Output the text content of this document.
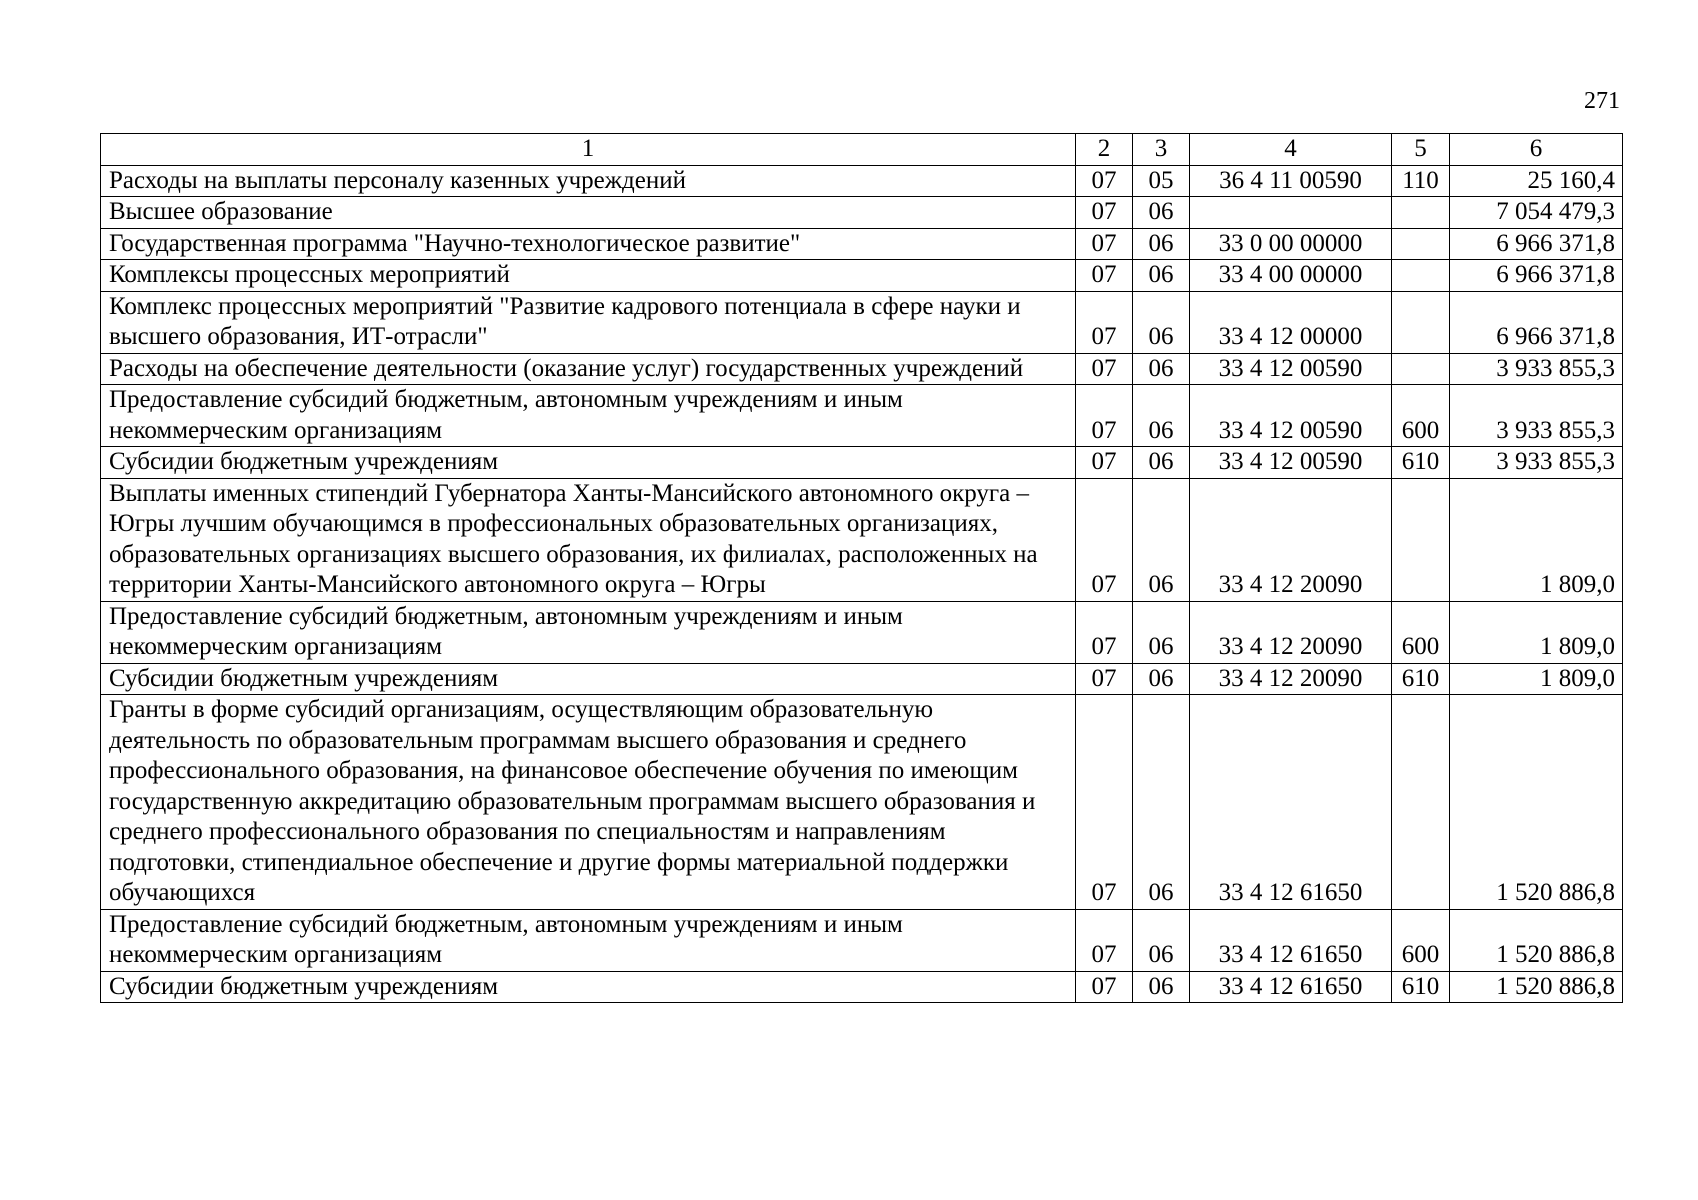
271
1	2	3	4	5	6
Расходы на выплаты персоналу казенных учреждений	07	05	36 4 11 00590	110	25 160,4
Высшее образование	07	06			7 054 479,3
Государственная программа "Научно-технологическое развитие"	07	06	33 0 00 00000		6 966 371,8
Комплексы процессных мероприятий	07	06	33 4 00 00000		6 966 371,8
Комплекс процессных мероприятий "Развитие кадрового потенциала в сфере науки и высшего образования, ИТ-отрасли"	07	06	33 4 12 00000		6 966 371,8
Расходы на обеспечение деятельности (оказание услуг) государственных учреждений	07	06	33 4 12 00590		3 933 855,3
Предоставление субсидий бюджетным, автономным учреждениям и иным некоммерческим организациям	07	06	33 4 12 00590	600	3 933 855,3
Субсидии бюджетным учреждениям	07	06	33 4 12 00590	610	3 933 855,3
Выплаты именных стипендий Губернатора Ханты-Мансийского автономного округа – Югры лучшим обучающимся в профессиональных образовательных организациях, образовательных организациях высшего образования, их филиалах, расположенных на территории Ханты-Мансийского автономного округа – Югры	07	06	33 4 12 20090		1 809,0
Предоставление субсидий бюджетным, автономным учреждениям и иным некоммерческим организациям	07	06	33 4 12 20090	600	1 809,0
Субсидии бюджетным учреждениям	07	06	33 4 12 20090	610	1 809,0
Гранты в форме субсидий организациям, осуществляющим образовательную деятельность по образовательным программам высшего образования и среднего профессионального образования, на финансовое обеспечение обучения по имеющим государственную аккредитацию образовательным программам высшего образования и среднего профессионального образования по специальностям и направлениям подготовки, стипендиальное обеспечение и другие формы материальной поддержки обучающихся	07	06	33 4 12 61650		1 520 886,8
Предоставление субсидий бюджетным, автономным учреждениям и иным некоммерческим организациям	07	06	33 4 12 61650	600	1 520 886,8
Субсидии бюджетным учреждениям	07	06	33 4 12 61650	610	1 520 886,8
